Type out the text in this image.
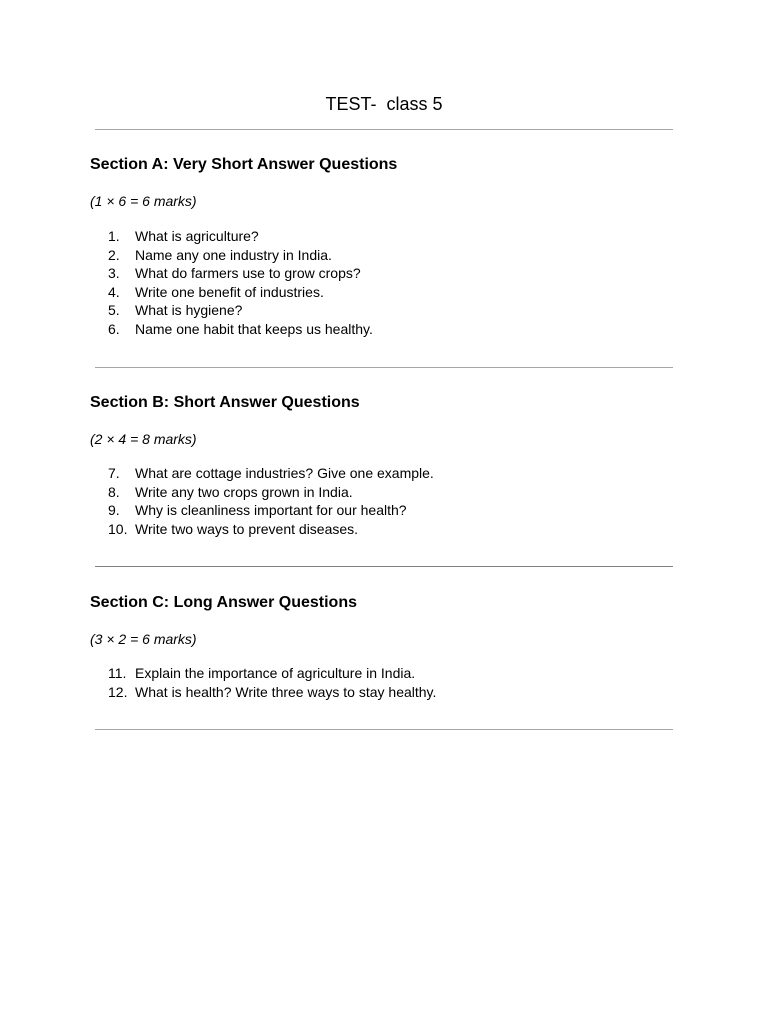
TEST-  class 5
Section A: Very Short Answer Questions
(1 × 6 = 6 marks)
1.	What is agriculture?
2.	Name any one industry in India.
3.	What do farmers use to grow crops?
4.	Write one benefit of industries.
5.	What is hygiene?
6.	Name one habit that keeps us healthy.
Section B: Short Answer Questions
(2 × 4 = 8 marks)
7.	What are cottage industries? Give one example.
8.	Write any two crops grown in India.
9.	Why is cleanliness important for our health?
10. Write two ways to prevent diseases.
Section C: Long Answer Questions
(3 × 2 = 6 marks)
11. Explain the importance of agriculture in India.
12. What is health? Write three ways to stay healthy.
